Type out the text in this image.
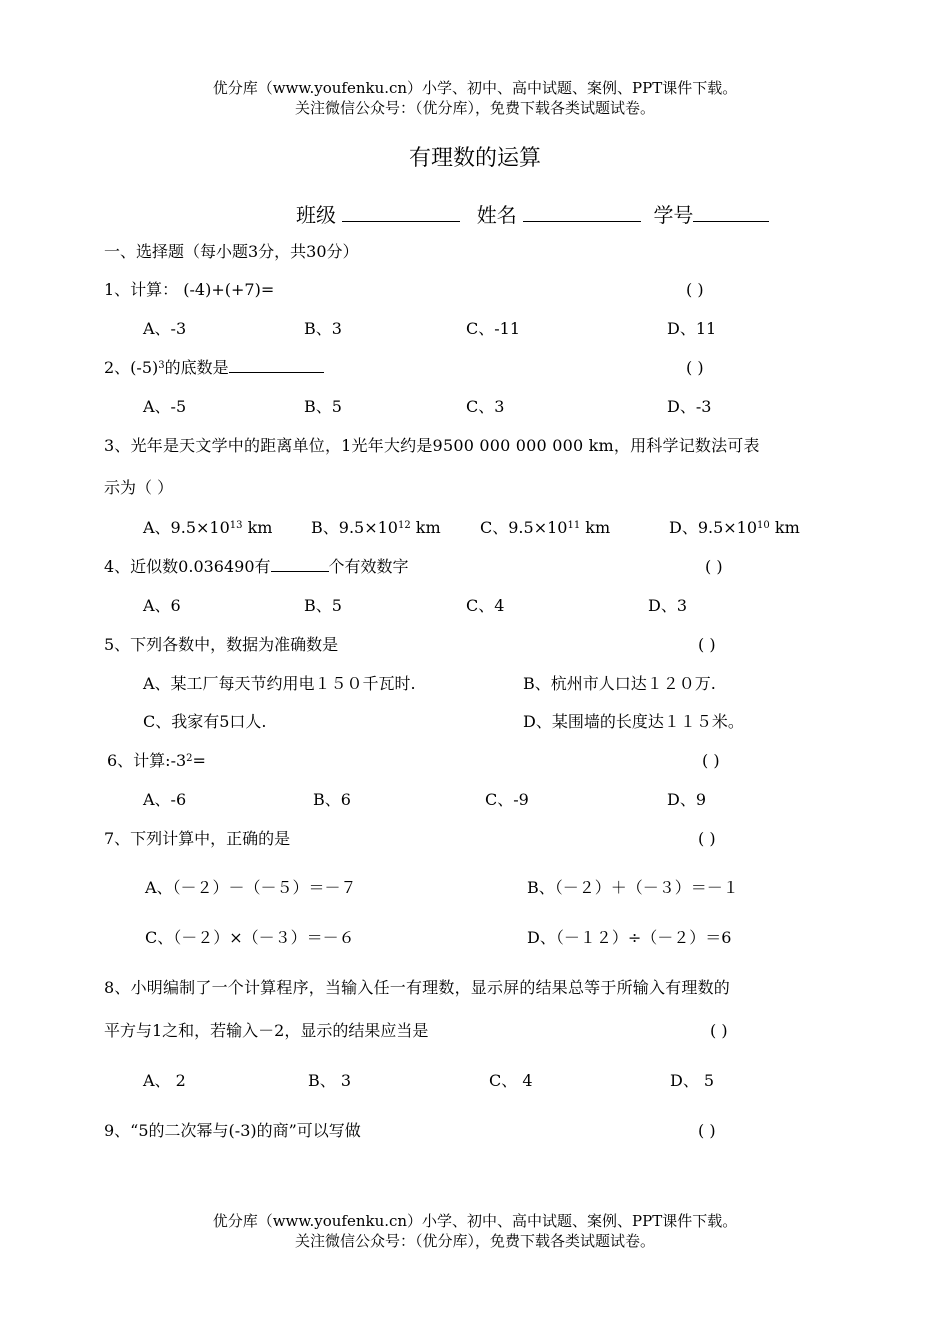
优分库（www.youfenku.cn）小学、初中、高中试题、案例、PPT课件下载。
关注微信公众号：（优分库），免费下载各类试题试卷。
有理数的运算
班级	姓名	学号
一、选择题（每小题3分，共30分）
1、计算： (-4)+(+7)=	( )
A、-3	B、3	C、-11	D、11
2、$(-5)^3$的底数是	( )
A、-5	B、5	C、3	D、-3
3、光年是天文学中的距离单位，1光年大约是9500 000 000 000 km，用科学记数法可表
示为（ ）
A、$9.5\times 10^{13}$ km B、$9.5\times 10^{12}$ km C、$9.5\times 10^{11}$ km	D、$9.5\times 10^{10}$ km
4、近似数0.036490有	个有效数字	( )
A、6	B、5	C、4	D、3
5、下列各数中，数据为准确数是	( )
A、某工厂每天节约用电１５０千瓦时.	B、杭州市人口达１２０万.
C、我家有5口人.	D、某围墙的长度达１１５米。
6、计算$:-3^2=$	( )
A、-6	B、6	C、-9	D、9
7、下列计算中，正确的是	( )
A、（－２）－（－５）＝－７	B、（－２）＋（－３）＝－１
C、（－２）×（－３）＝－６	D、（－１２）÷（－２）＝6
8、小明编制了一个计算程序，当输入任一有理数，显示屏的结果总等于所输入有理数的
平方与1之和，若输入－2，显示的结果应当是	( )
A、 2	B、 3	C、 4	D、 5
9、“5的二次幂与(-3)的商”可以写做	( )
优分库（www.youfenku.cn）小学、初中、高中试题、案例、PPT课件下载。
关注微信公众号：（优分库），免费下载各类试题试卷。
